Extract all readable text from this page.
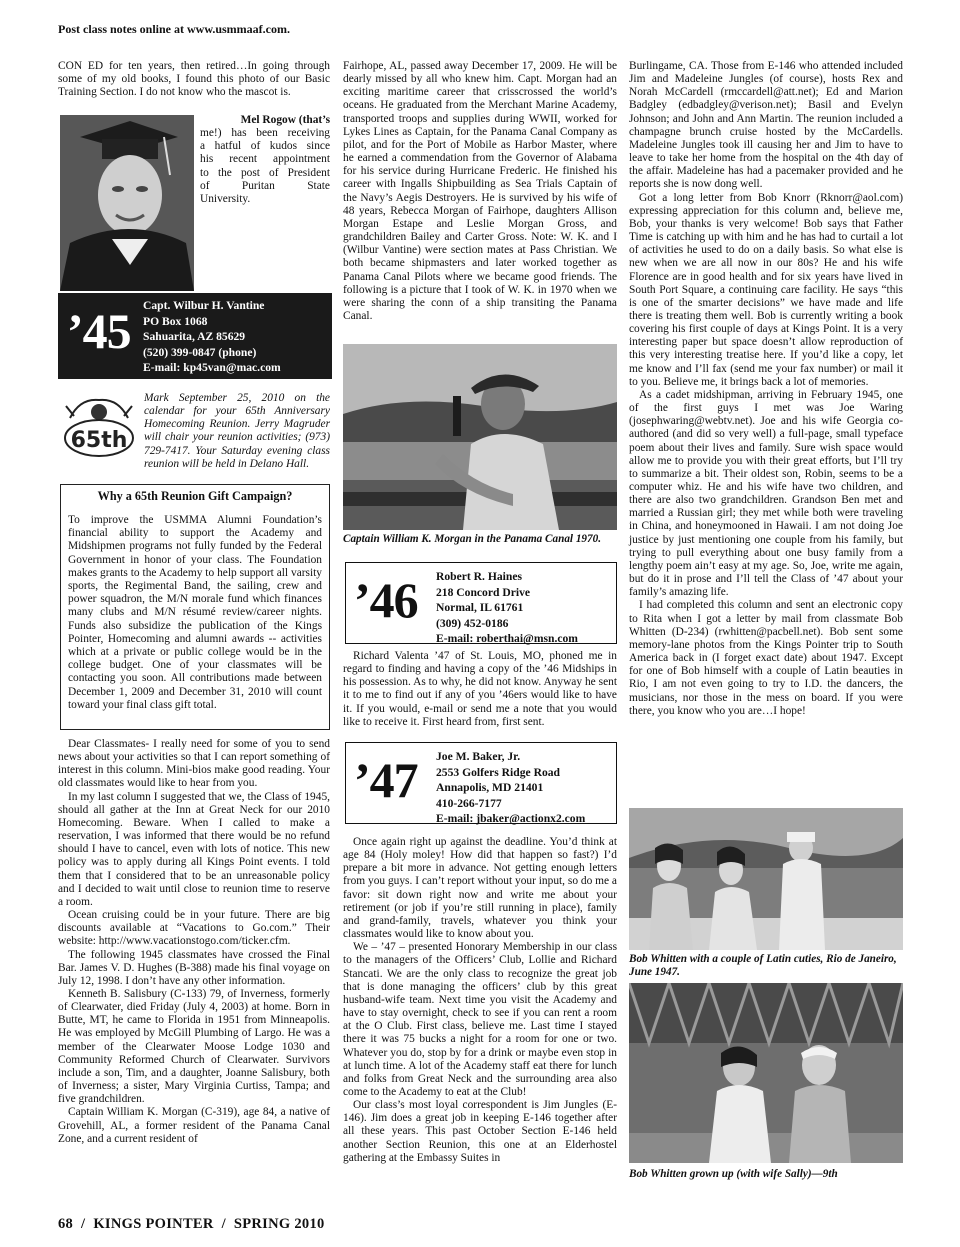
Post class notes online at www.usmmaaf.com.

CON ED for ten years, then retired…In going through some of my old books, I found this photo of our Basic Training Section. I do not know who the mascot is.

Mel Rogow (that’s

me!) has been receiving

a hatful of kudos since

his recent appointment

to the post of President

of     Puritan     State

University.

’45 Capt. Wilbur H. Vantine
PO Box 1068
Sahuarita, AZ 85629
(520) 399-0847 (phone)
E-mail: kp45van@mac.com
65th
Mark September 25, 2010 on the calendar for your 65th Anniversary Homecoming Reunion. Jerry Magruder will chair your reunion activities; (973) 729-7417. Your Saturday evening class reunion will be held in Delano Hall.
Why a 65th Reunion Gift Campaign?
To improve the USMMA Alumni Foundation’s financial ability to support the Academy and Midshipmen programs not fully funded by the Federal Government in honor of your class. The Foundation makes grants to the Academy to help support all varsity sports, the Regimental Band, the sailing, crew and power squadron, the M/N morale fund which finances many clubs and M/N résumé review/career nights. Funds also subsidize the publication of the Kings Pointer, Homecoming and alumni awards -- activities which at a private or public college would be in the college budget. One of your classmates will be contacting you soon. All contributions made between December 1, 2009 and December 31, 2010 will count toward your final class gift total.

Dear Classmates- I really need for some of you to send news about your activities so that I can report something of interest in this column. Mini-bios make good reading. Your old classmates would like to hear from you.

In my last column I suggested that we, the Class of 1945, should all gather at the Inn at Great Neck for our 2010 Homecoming. Beware. When I called to make a reservation, I was informed that there would be no refund should I have to cancel, even with lots of notice. This new policy was to apply during all Kings Point events. I told them that I considered that to be an unreasonable policy and I decided to wait until close to reunion time to reserve a room.

Ocean cruising could be in your future. There are big discounts available at “Vacations to Go.com.” Their website: http://www.vacationstogo.com/ticker.cfm.

The following 1945 classmates have crossed the Final Bar. James V. D. Hughes (B-388) made his final voyage on July 12, 1998. I don’t have any other information.

Kenneth B. Salisbury (C-133) 79, of Inverness, formerly of Clearwater, died Friday (July 4, 2003) at home. Born in Butte, MT, he came to Florida in 1951 from Minneapolis. He was employed by McGill Plumbing of Largo. He was a member of the Clearwater Moose Lodge 1030 and Community Reformed Church of Clearwater. Survivors include a son, Tim, and a daughter, Joanne Salisbury, both of Inverness; a sister, Mary Virginia Curtiss, Tampa; and five grandchildren.

Captain William K. Morgan (C-319), age 84, a native of Grovehill, AL, a former resident of the Panama Canal Zone, and a current resident of

Fairhope, AL, passed away December 17, 2009. He will be dearly missed by all who knew him. Capt. Morgan had an exciting maritime career that crisscrossed the world’s oceans. He graduated from the Merchant Marine Academy, transported troops and supplies during WWII, worked for Lykes Lines as Captain, for the Panama Canal Company as pilot, and for the Port of Mobile as Harbor Master, where he earned a commendation from the Governor of Alabama for his service during Hurricane Frederic. He finished his career with Ingalls Shipbuilding as Sea Trials Captain of the Navy’s Aegis Destroyers. He is survived by his wife of 48 years, Rebecca Morgan of Fairhope, daughters Allison Morgan Estape and Leslie Morgan Gross, and grandchildren Bailey and Carter Gross. Note: W. K. and I (Wilbur Vantine) were section mates at Pass Christian. We both became shipmasters and later worked together as Panama Canal Pilots where we became good friends. The following is a picture that I took of W. K. in 1970 when we were sharing the conn of a ship transiting the Panama Canal.

Captain William K. Morgan in the Panama Canal 1970.
’46 Robert R. Haines
218 Concord Drive
Normal, IL 61761
(309) 452-0186
E-mail: roberthai@msn.com

Richard Valenta ’47 of St. Louis, MO, phoned me in regard to finding and having a copy of the ’46 Midships in his possession. As to why, he did not know. Anyway he sent it to me to find out if any of you ’46ers would like to have it. If you would, e-mail or send me a note that you would like to receive it. First heard from, first sent.

’47 Joe M. Baker, Jr.
2553 Golfers Ridge Road
Annapolis, MD 21401
410-266-7177
E-mail: jbaker@actionx2.com

Once again right up against the deadline. You’d think at age 84 (Holy moley! How did that happen so fast?) I’d prepare a bit more in advance. Not getting enough letters from you guys. I can’t report without your input, so do me a favor: sit down right now and write me about your retirement (or job if you’re still running in place), family and grand-family, travels, whatever you think your classmates would like to know about you.

We – ’47 – presented Honorary Membership in our class to the managers of the Officers’ Club, Lollie and Richard Stancati. We are the only class to recognize the great job that is done managing the officers’ club by this great husband-wife team. Next time you visit the Academy and have to stay overnight, check to see if you can rent a room at the O Club. First class, believe me. Last time I stayed there it was 75 bucks a night for a room for one or two. Whatever you do, stop by for a drink or maybe even stop in at lunch time. A lot of the Academy staff eat there for lunch and folks from Great Neck and the surrounding area also come to the Academy to eat at the Club!

Our class’s most loyal correspondent is Jim Jungles (E-146). Jim does a great job in keeping E-146 together after all these years. This past October Section E-146 held another Section Reunion, this one at an Elderhostel gathering at the Embassy Suites in

Burlingame, CA. Those from E-146 who attended included Jim and Madeleine Jungles (of course), hosts Rex and Norah McCardell (rmccardell@att.net); Ed and Marion Badgley (edbadgley@verison.net); Basil and Evelyn Johnson; and John and Ann Martin. The reunion included a champagne brunch cruise hosted by the McCardells. Madeleine Jungles took ill causing her and Jim to have to leave to take her home from the hospital on the 4th day of the affair. Madeleine has had a pacemaker provided and he reports she is now dong well.

Got a long letter from Bob Knorr (Rknorr@aol.com) expressing appreciation for this column and, believe me, Bob, your thanks is very welcome! Bob says that Father Time is catching up with him and he has had to curtail a lot of activities he used to do on a daily basis. So what else is new when we are all now in our 80s? He and his wife Florence are in good health and for six years have lived in South Port Square, a continuing care facility. He says “this is one of the smarter decisions” we have made and life there is treating them well. Bob is currently writing a book covering his first couple of days at Kings Point. It is a very interesting paper but space doesn’t allow reproduction of this very interesting treatise here. If you’d like a copy, let me know and I’ll fax (send me your fax number) or mail it to you. Believe me, it brings back a lot of memories.

As a cadet midshipman, arriving in February 1945, one of the first guys I met was Joe Waring (josephwaring@webtv.net). Joe and his wife Georgia co-authored (and did so very well) a full-page, small typeface poem about their lives and family. Sure wish space would allow me to provide you with their great efforts, but I’ll try to summarize a bit. Their oldest son, Robin, seems to be a computer whiz. He and his wife have two children, and there are also two grandchildren. Grandson Ben met and married a Russian girl; they met while both were traveling in China, and honeymooned in Hawaii. I am not doing Joe justice by just mentioning one couple from his family, but trying to pull everything about one busy family from a lengthy poem ain’t easy at my age. So, Joe, write me again, but do it in prose and I’ll tell the Class of ’47 about your family’s amazing life.

I had completed this column and sent an electronic copy to Rita when I got a letter by mail from classmate Bob Whitten (D-234) (rwhitten@pacbell.net). Bob sent some memory-lane photos from the Kings Pointer trip to South America back in (I forget exact date) about 1947. Except for one of Bob himself with a couple of Latin beauties in Rio, I am not even going to try to I.D. the dancers, the musicians, nor those in the mess on board. If you were there, you know who you are…I hope!

Bob Whitten with a couple of Latin cuties, Rio de Janeiro, June 1947.
Bob Whitten grown up (with wife Sally)—9th
68 / KINGS POINTER / SPRING 2010
